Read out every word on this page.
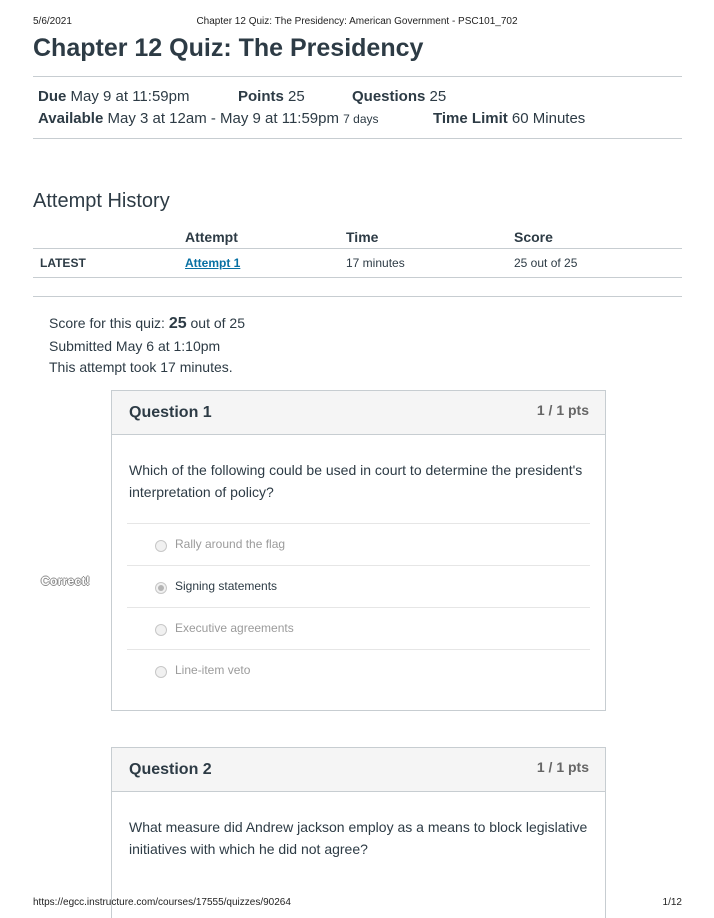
5/6/2021	Chapter 12 Quiz: The Presidency: American Government - PSC101_702
Chapter 12 Quiz: The Presidency
Due May 9 at 11:59pm	Points 25	Questions 25
Available May 3 at 12am - May 9 at 11:59pm 7 days	Time Limit 60 Minutes
Attempt History
	Attempt	Time	Score
LATEST	Attempt 1	17 minutes	25 out of 25
Score for this quiz: 25 out of 25
Submitted May 6 at 1:10pm
This attempt took 17 minutes.
Correct!
Question 1	1 / 1 pts
Which of the following could be used in court to determine the president's interpretation of policy?
Rally around the flag
Signing statements
Executive agreements
Line-item veto
Question 2	1 / 1 pts
What measure did Andrew jackson employ as a means to block legislative initiatives with which he did not agree?
https://egcc.instructure.com/courses/17555/quizzes/90264	1/12
